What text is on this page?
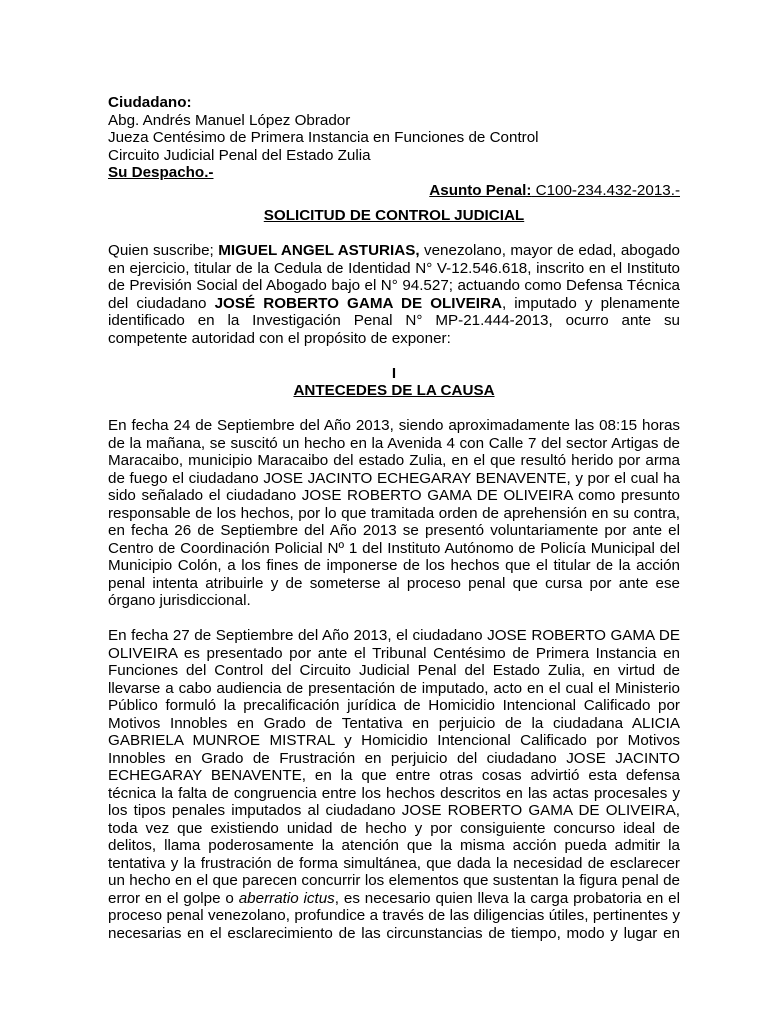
Ciudadano:
Abg. Andrés Manuel López Obrador
Jueza Centésimo de Primera Instancia en Funciones de Control
Circuito Judicial Penal del Estado Zulia
Su Despacho.-
Asunto Penal: C100-234.432-2013.-
SOLICITUD DE CONTROL JUDICIAL
Quien suscribe; MIGUEL ANGEL ASTURIAS, venezolano, mayor de edad, abogado
en ejercicio, titular de la Cedula de Identidad N° V-12.546.618, inscrito en el Instituto
de Previsión Social del Abogado bajo el N° 94.527; actuando como Defensa Técnica
del ciudadano JOSÉ ROBERTO GAMA DE OLIVEIRA, imputado y plenamente
identificado en la Investigación Penal N° MP-21.444-2013, ocurro ante su
competente autoridad con el propósito de exponer:
I
ANTECEDES DE LA CAUSA
En fecha 24 de Septiembre del Año 2013, siendo aproximadamente las 08:15 horas
de la mañana, se suscitó un hecho en la Avenida 4 con Calle 7 del sector Artigas de
Maracaibo, municipio Maracaibo del estado Zulia, en el que resultó herido por arma
de fuego el ciudadano JOSE JACINTO ECHEGARAY BENAVENTE, y por el cual ha
sido señalado el ciudadano JOSE ROBERTO GAMA DE OLIVEIRA como presunto
responsable de los hechos, por lo que tramitada orden de aprehensión en su contra,
en fecha 26 de Septiembre del Año 2013 se presentó voluntariamente por ante el
Centro de Coordinación Policial Nº 1 del Instituto Autónomo de Policía Municipal del
Municipio Colón, a los fines de imponerse de los hechos que el titular de la acción
penal intenta atribuirle y de someterse al proceso penal que cursa por ante ese
órgano jurisdiccional.
En fecha 27 de Septiembre del Año 2013, el ciudadano JOSE ROBERTO GAMA DE
OLIVEIRA es presentado por ante el Tribunal Centésimo de Primera Instancia en
Funciones del Control del Circuito Judicial Penal del Estado Zulia, en virtud de
llevarse a cabo audiencia de presentación de imputado, acto en el cual el Ministerio
Público formuló la precalificación jurídica de Homicidio Intencional Calificado por
Motivos Innobles en Grado de Tentativa en perjuicio de la ciudadana ALICIA
GABRIELA MUNROE MISTRAL y Homicidio Intencional Calificado por Motivos
Innobles en Grado de Frustración en perjuicio del ciudadano JOSE JACINTO
ECHEGARAY BENAVENTE, en la que entre otras cosas advirtió esta defensa
técnica la falta de congruencia entre los hechos descritos en las actas procesales y
los tipos penales imputados al ciudadano JOSE ROBERTO GAMA DE OLIVEIRA,
toda vez que existiendo unidad de hecho y por consiguiente concurso ideal de
delitos, llama poderosamente la atención que la misma acción pueda admitir la
tentativa y la frustración de forma simultánea, que dada la necesidad de esclarecer
un hecho en el que parecen concurrir los elementos que sustentan la figura penal de
error en el golpe o aberratio ictus, es necesario quien lleva la carga probatoria en el
proceso penal venezolano, profundice a través de las diligencias útiles, pertinentes y
necesarias en el esclarecimiento de las circunstancias de tiempo, modo y lugar en
